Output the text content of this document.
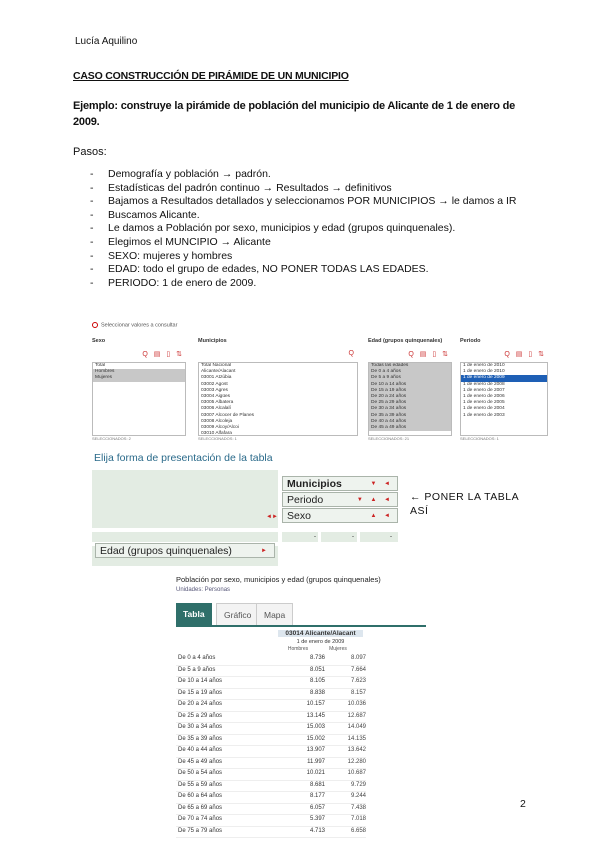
Lucía Aquilino
CASO CONSTRUCCIÓN DE PIRÁMIDE DE UN MUNICIPIO
Ejemplo: construye la pirámide de población del municipio de Alicante de 1 de enero de 2009.
Pasos:
- Demografía y población → padrón.
- Estadísticas del padrón continuo → Resultados → definitivos
- Bajamos a Resultados detallados y seleccionamos POR MUNICIPIOS → le damos a IR
- Buscamos Alicante.
- Le damos a Población por sexo, municipios y edad (grupos quinquenales).
- Elegimos el MUNCIPIO → Alicante
- SEXO: mujeres y hombres
- EDAD: todo el grupo de edades, NO PONER TODAS LAS EDADES.
- PERIODO: 1 de enero de 2009.
Seleccionar valores a consultar
Sexo
Q ▤ ▯ ⇅
Total
Hombres
Mujeres
SELECCIONADOS: 2
Municipios
Q
Total Nacional
Alicante/Alacant
03001 Atzúbia
03002 Agost
03003 Agres
03004 Aigües
03005 Albatera
03006 Alcalalí
03007 Alcocer de Planes
03008 Alcoleja
03009 Alcoy/Alcoi
03010 Alfafara
SELECCIONADOS: 1
Edad (grupos quinquenales)
Q ▤ ▯ ⇅
Todas las edades
De 0 a 4 años
De 5 a 9 años
De 10 a 14 años
De 15 a 19 años
De 20 a 24 años
De 25 a 29 años
De 30 a 34 años
De 35 a 39 años
De 40 a 44 años
De 45 a 49 años
SELECCIONADOS: 21
Periodo
Q ▤ ▯ ⇅
1 de enero de 2010
1 de enero de 2010
1 de enero de 2009
1 de enero de 2008
1 de enero de 2007
1 de enero de 2006
1 de enero de 2005
1 de enero de 2004
1 de enero de 2003
SELECCIONADOS: 1
Elija forma de presentación de la tabla
Municipios	▼ ◄
Periodo	▼ ▲ ◄
Sexo	▲ ◄
◄►
Edad (grupos quinquenales)	►
-	-	-
← PONER LA TABLA ASÍ
Población por sexo, municipios y edad (grupos quinquenales)
Unidades: Personas
Tabla	Gráfico	Mapa
03014 Alicante/Alacant
1 de enero de 2009
Hombres	Mujeres
De 0 a 4 años	8.736	8.097
De 5 a 9 años	8.051	7.664
De 10 a 14 años	8.105	7.623
De 15 a 19 años	8.838	8.157
De 20 a 24 años	10.157	10.036
De 25 a 29 años	13.145	12.687
De 30 a 34 años	15.003	14.049
De 35 a 39 años	15.002	14.135
De 40 a 44 años	13.907	13.642
De 45 a 49 años	11.997	12.280
De 50 a 54 años	10.021	10.687
De 55 a 59 años	8.681	9.729
De 60 a 64 años	8.177	9.244
De 65 a 69 años	6.057	7.438
De 70 a 74 años	5.397	7.018
De 75 a 79 años	4.713	6.658
2
